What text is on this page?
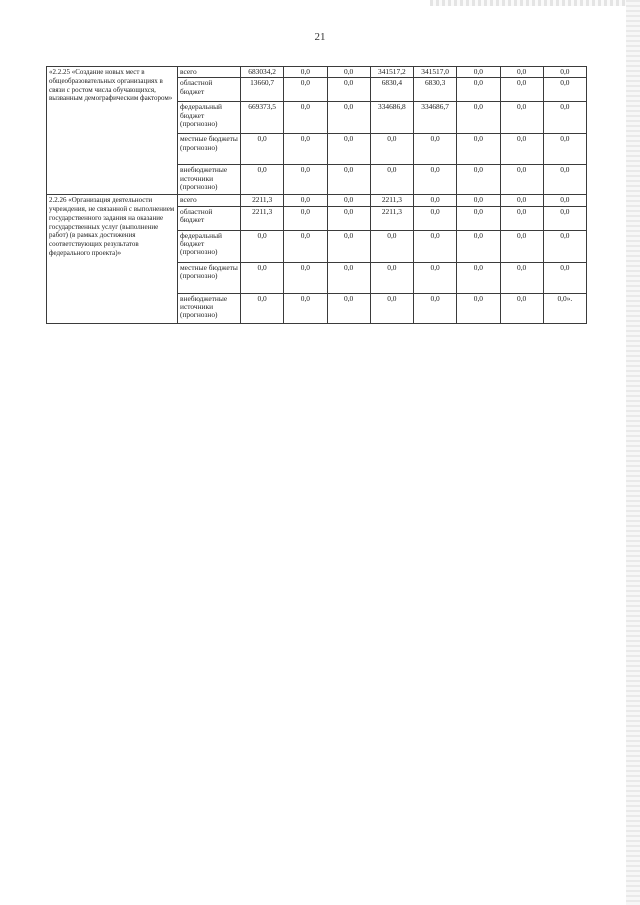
21
«2.2.25 «Создание новых мест в общеобразовательных организациях в связи с ростом числа обучающихся, вызванным демографическим фактором»	всего	683034,2	0,0	0,0	341517,2	341517,0	0,0	0,0	0,0
	областной бюджет	13660,7	0,0	0,0	6830,4	6830,3	0,0	0,0	0,0
	федеральный бюджет (прогнозно)	669373,5	0,0	0,0	334686,8	334686,7	0,0	0,0	0,0
	местные бюджеты (прогнозно)	0,0	0,0	0,0	0,0	0,0	0,0	0,0	0,0
	внебюджетные источники (прогнозно)	0,0	0,0	0,0	0,0	0,0	0,0	0,0	0,0
2.2.26 «Организация деятельности учреждения, не связанной с выполнением государственного задания на оказание государственных услуг (выполнение работ) (в рамках достижения соответствующих результатов федерального проекта)»	всего	2211,3	0,0	0,0	2211,3	0,0	0,0	0,0	0,0
	областной бюджет	2211,3	0,0	0,0	2211,3	0,0	0,0	0,0	0,0
	федеральный бюджет (прогнозно)	0,0	0,0	0,0	0,0	0,0	0,0	0,0	0,0
	местные бюджеты (прогнозно)	0,0	0,0	0,0	0,0	0,0	0,0	0,0	0,0
	внебюджетные источники (прогнозно)	0,0	0,0	0,0	0,0	0,0	0,0	0,0	0,0».
